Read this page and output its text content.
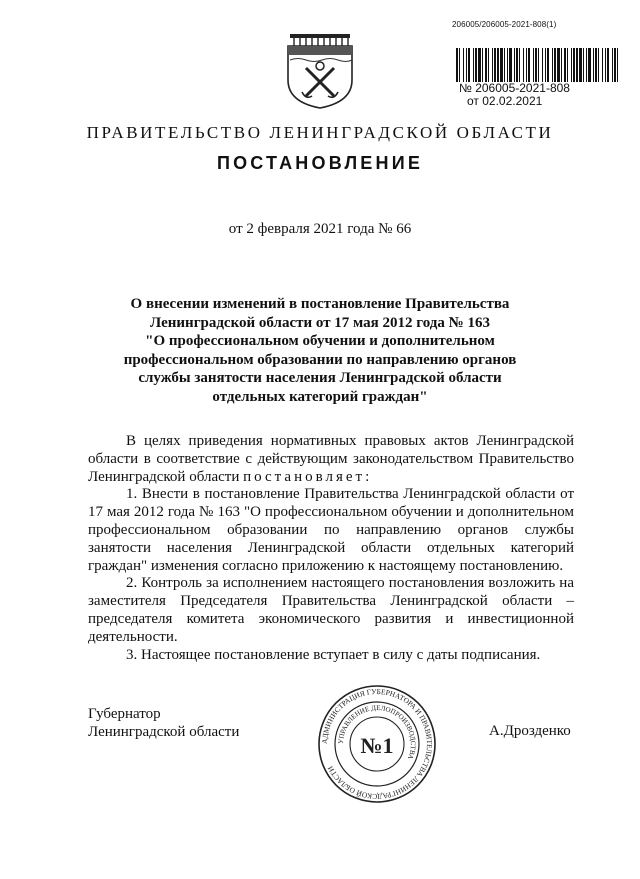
206005/206005-2021-808(1)
№ 206005-2021-808
от 02.02.2021
ПРАВИТЕЛЬСТВО ЛЕНИНГРАДСКОЙ ОБЛАСТИ
ПОСТАНОВЛЕНИЕ
от 2 февраля 2021 года № 66
О внесении изменений в постановление Правительства
Ленинградской области от 17 мая 2012 года № 163
"О профессиональном обучении и дополнительном
профессиональном образовании по направлению органов
службы занятости населения Ленинградской области
отдельных категорий граждан"

В целях приведения нормативных правовых актов Ленинградской области в соответствие с действующим законодательством Правительство Ленинградской области постановляет:

1. Внести в постановление Правительства Ленинградской области от 17 мая 2012 года № 163 "О профессиональном обучении и дополнительном профессиональном образовании по направлению органов службы занятости населения Ленинградской области отдельных категорий граждан" изменения согласно приложению к настоящему постановлению.

2. Контроль за исполнением настоящего постановления возложить на заместителя Председателя Правительства Ленинградской области – председателя комитета экономического развития и инвестиционной деятельности.

3. Настоящее постановление вступает в силу с даты подписания.

Губернатор
Ленинградской области	А.Дрозденко
АДМИНИСТРАЦИЯ ГУБЕРНАТОРА И ПРАВИТЕЛЬСТВА ЛЕНИНГРАДСКОЙ ОБЛАСТИ
УПРАВЛЕНИЕ ДЕЛОПРОИЗВОДСТВА
№1
